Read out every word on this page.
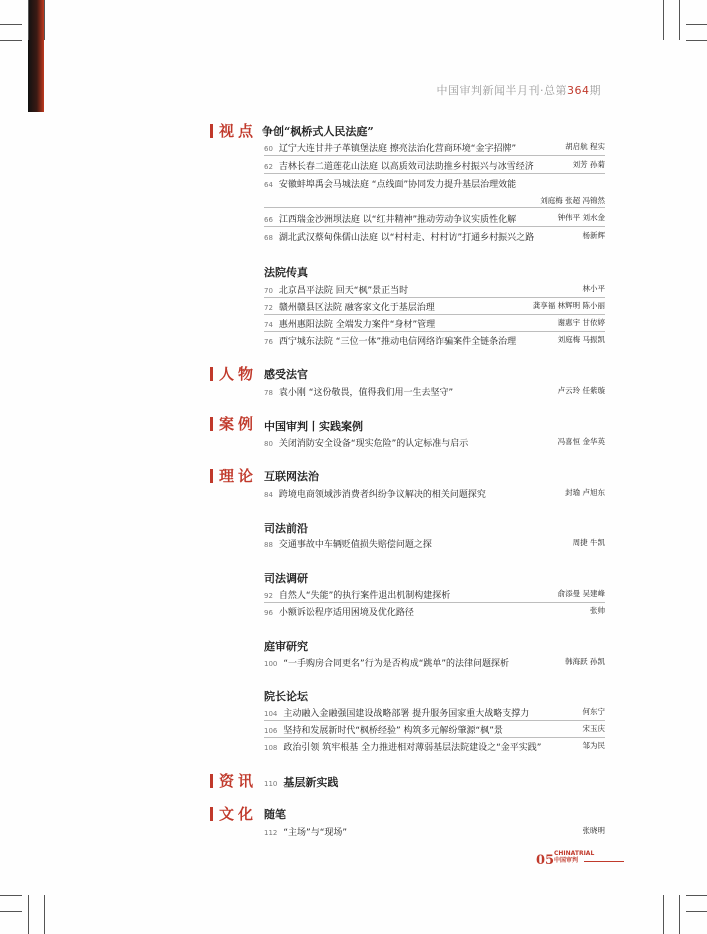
中国审判新闻半月刊·总第364期
视点 争创“枫桥式人民法庭”
60 辽宁大连甘井子革镇堡法庭 擦亮法治化营商环境“金字招牌”	胡启航 程实
62 吉林长春二道莲花山法庭 以高质效司法助推乡村振兴与冰雪经济	刘芳 孙菊
64 安徽蚌埠禹会马城法庭 “点线面”协同发力提升基层治理效能
刘庭梅 张超 冯锦然
66 江西瑞金沙洲坝法庭 以“红井精神”推动劳动争议实质性化解	钟伟平 刘水金
68 湖北武汉蔡甸侏儒山法庭 以“村村走、村村访”打通乡村振兴之路	杨新辉
法院传真
70 北京昌平法院 回天“枫”景正当时	林小平
72 赣州赣县区法院 融客家文化于基层治理	龚享福 林辉明 陈小丽
74 惠州惠阳法院 全端发力案件“身材”管理	谢惠宇 甘依婷
76 西宁城东法院 “三位一体”推动电信网络诈骗案件全链条治理	刘庭梅 马振凯
人物 感受法官
78 袁小刚 “这份敬畏，值得我们用一生去坚守”	卢云玲 任紫璇
案例 中国审判丨实践案例
80 关闭消防安全设备“现实危险”的认定标准与启示	冯喜恒 金华英
理论 互联网法治
84 跨境电商领域涉消费者纠纷争议解决的相关问题探究	封瑜 卢旭东
司法前沿
88 交通事故中车辆贬值损失赔偿问题之探	周捷 牛凯
司法调研
92 自然人“失能”的执行案件退出机制构建探析	俞添曼 吴建峰
96 小额诉讼程序适用困境及优化路径	张帅
庭审研究
100 “一手购房合同更名”行为是否构成“跳单”的法律问题探析	韩海跃 孙凯
院长论坛
104 主动融入金融强国建设战略部署 提升服务国家重大战略支撑力	何东宁
106 坚持和发展新时代“枫桥经验” 构筑多元解纷肇源“枫”景	宋玉庆
108 政治引领 筑牢根基 全力推进相对薄弱基层法院建设之“金平实践”	邹为民
资讯 110 基层新实践
文化 随笔
112 “主场”与“现场”	张晓明
05 CHINATRIAL
中国审判
